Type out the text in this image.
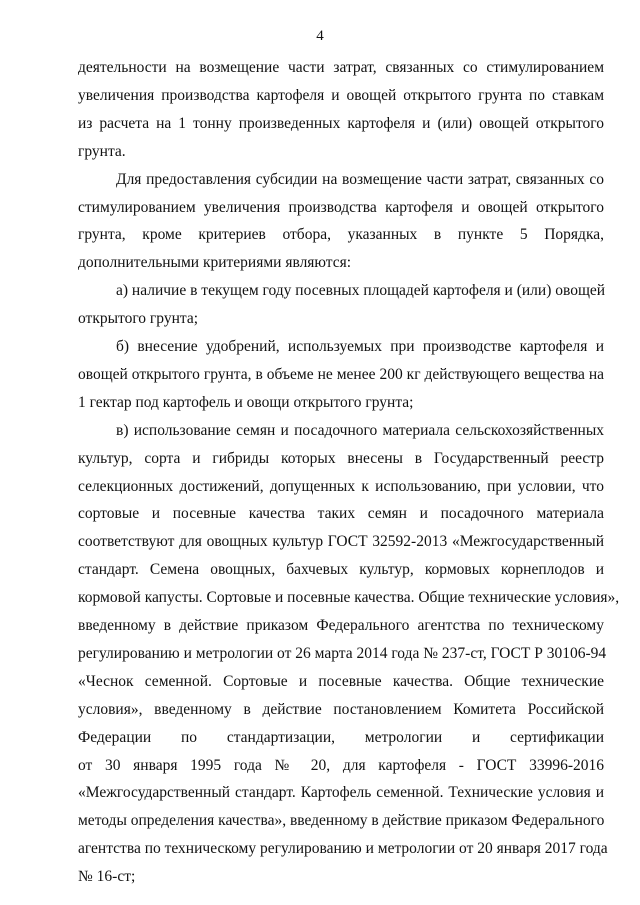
4
деятельности на возмещение части затрат, связанных со стимулированием
увеличения производства картофеля и овощей открытого грунта по ставкам
из расчета на 1 тонну произведенных картофеля и (или) овощей открытого
грунта.
Для предоставления субсидии на возмещение части затрат, связанных со
стимулированием увеличения производства картофеля и овощей открытого
грунта, кроме критериев отбора, указанных в пункте 5 Порядка,
дополнительными критериями являются:
а) наличие в текущем году посевных площадей картофеля и (или) овощей
открытого грунта;
б) внесение удобрений, используемых при производстве картофеля и
овощей открытого грунта, в объеме не менее 200 кг действующего вещества на
1 гектар под картофель и овощи открытого грунта;
в) использование семян и посадочного материала сельскохозяйственных
культур, сорта и гибриды которых внесены в Государственный реестр
селекционных достижений, допущенных к использованию, при условии, что
сортовые и посевные качества таких семян и посадочного материала
соответствуют для овощных культур ГОСТ 32592-2013 «Межгосударственный
стандарт. Семена овощных, бахчевых культур, кормовых корнеплодов и
кормовой капусты. Сортовые и посевные качества. Общие технические условия»,
введенному в действие приказом Федерального агентства по техническому
регулированию и метрологии от 26 марта 2014 года № 237-ст, ГОСТ Р 30106-94
«Чеснок семенной. Сортовые и посевные качества. Общие технические
условия», введенному в действие постановлением Комитета Российской
Федерации по стандартизации, метрологии и сертификации
от 30 января 1995 года № 20, для картофеля - ГОСТ 33996-2016
«Межгосударственный стандарт. Картофель семенной. Технические условия и
методы определения качества», введенному в действие приказом Федерального
агентства по техническому регулированию и метрологии от 20 января 2017 года
№ 16-ст;
